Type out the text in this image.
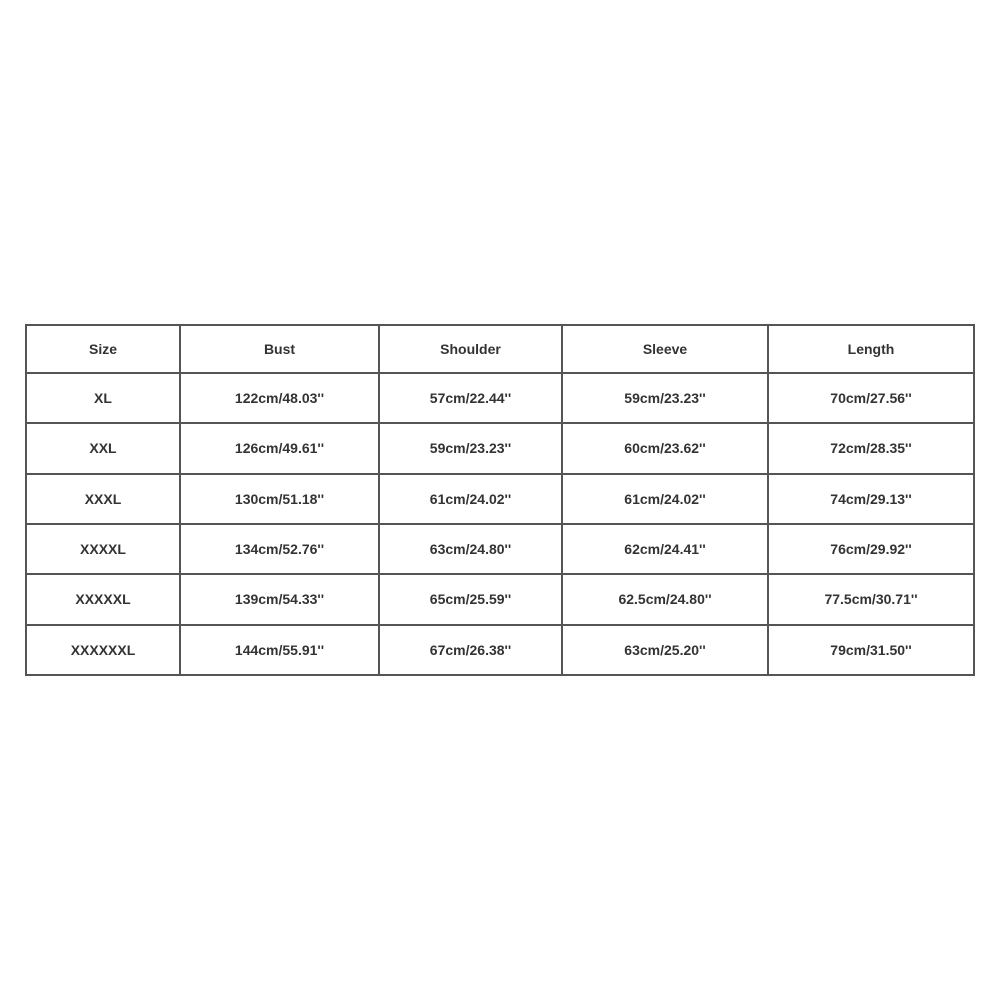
Size	Bust	Shoulder	Sleeve	Length
XL	122cm/48.03''	57cm/22.44''	59cm/23.23''	70cm/27.56''
XXL	126cm/49.61''	59cm/23.23''	60cm/23.62''	72cm/28.35''
XXXL	130cm/51.18''	61cm/24.02''	61cm/24.02''	74cm/29.13''
XXXXL	134cm/52.76''	63cm/24.80''	62cm/24.41''	76cm/29.92''
XXXXXL	139cm/54.33''	65cm/25.59''	62.5cm/24.80''	77.5cm/30.71''
XXXXXXL	144cm/55.91''	67cm/26.38''	63cm/25.20''	79cm/31.50''
